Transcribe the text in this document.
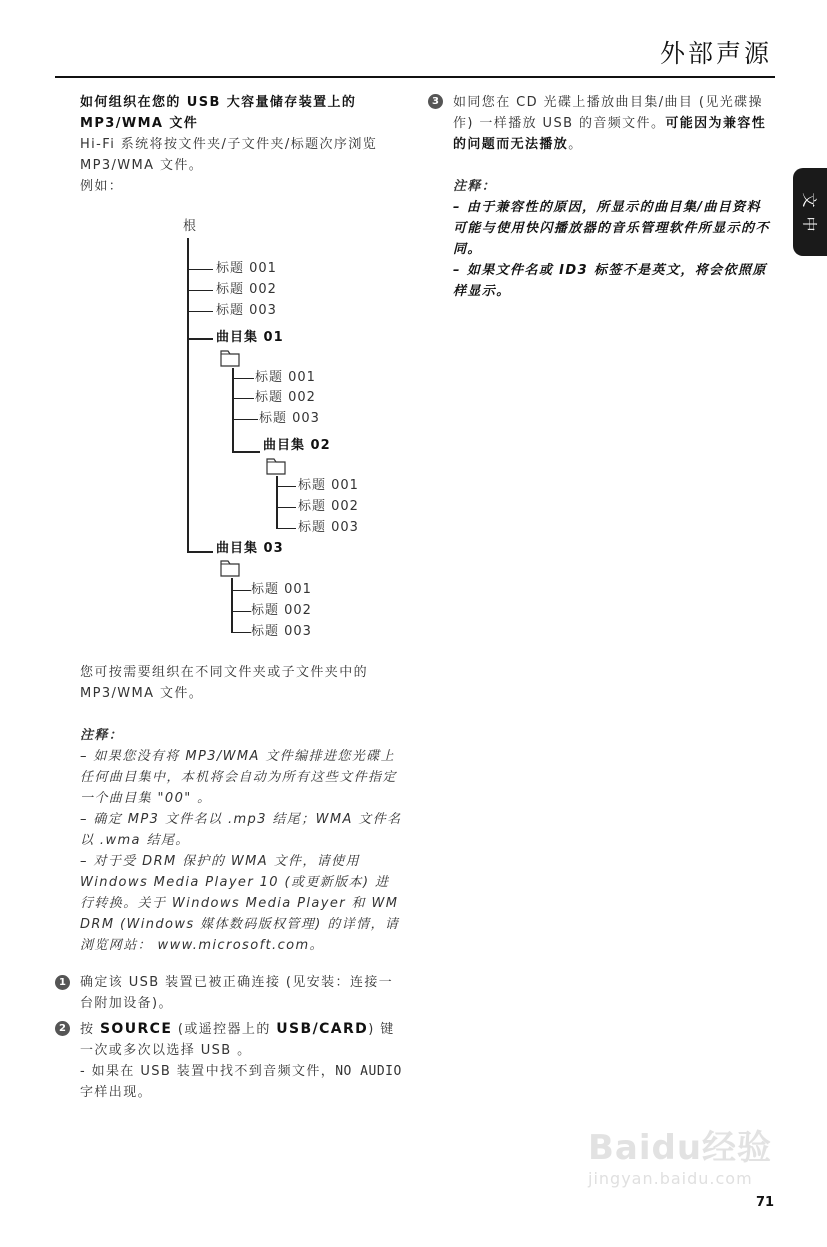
外部声源
文
中

如何组织在您的 USB 大容量储存装置上的

MP3/WMA 文件

Hi-Fi 系统将按文件夹/子文件夹/标题次序浏览 MP3/WMA 文件。

例如：

根
标题 001
标题 002
标题 003
曲目集 01
标题 001
标题 002
标题 003
曲目集 02
标题 001
标题 002
标题 003
曲目集 03
标题 001
标题 002
标题 003
您可按需要组织在不同文件夹或子文件夹中的 MP3/WMA 文件。

注释：

– 如果您没有将 MP3/WMA 文件编排进您光碟上任何曲目集中，本机将会自动为所有这些文件指定一个曲目集 "00" 。

– 确定 MP3 文件名以 .mp3 结尾；WMA 文件名以 .wma 结尾。

– 对于受 DRM 保护的 WMA 文件，请使用 Windows Media Player 10 (或更新版本) 进行转换。关于 Windows Media Player 和 WM DRM (Windows 媒体数码版权管理) 的详情，请浏览网站： www.microsoft.com。

1	确定该 USB 装置已被正确连接 (见安装：连接一台附加设备)。
2	按 SOURCE (或遥控器上的 USB/CARD) 键一次或多次以选择 USB 。

- 如果在 USB 装置中找不到音频文件，NO AUDIO 字样出现。

3	如同您在 CD 光碟上播放曲目集/曲目 (见光碟操作) 一样播放 USB 的音频文件。可能因为兼容性的问题而无法播放。

注释：

– 由于兼容性的原因，所显示的曲目集/曲目资料可能与使用快闪播放器的音乐管理软件所显示的不同。

– 如果文件名或 ID3 标签不是英文，将会依照原样显示。

Baidu经验
jingyan.baidu.com
71
